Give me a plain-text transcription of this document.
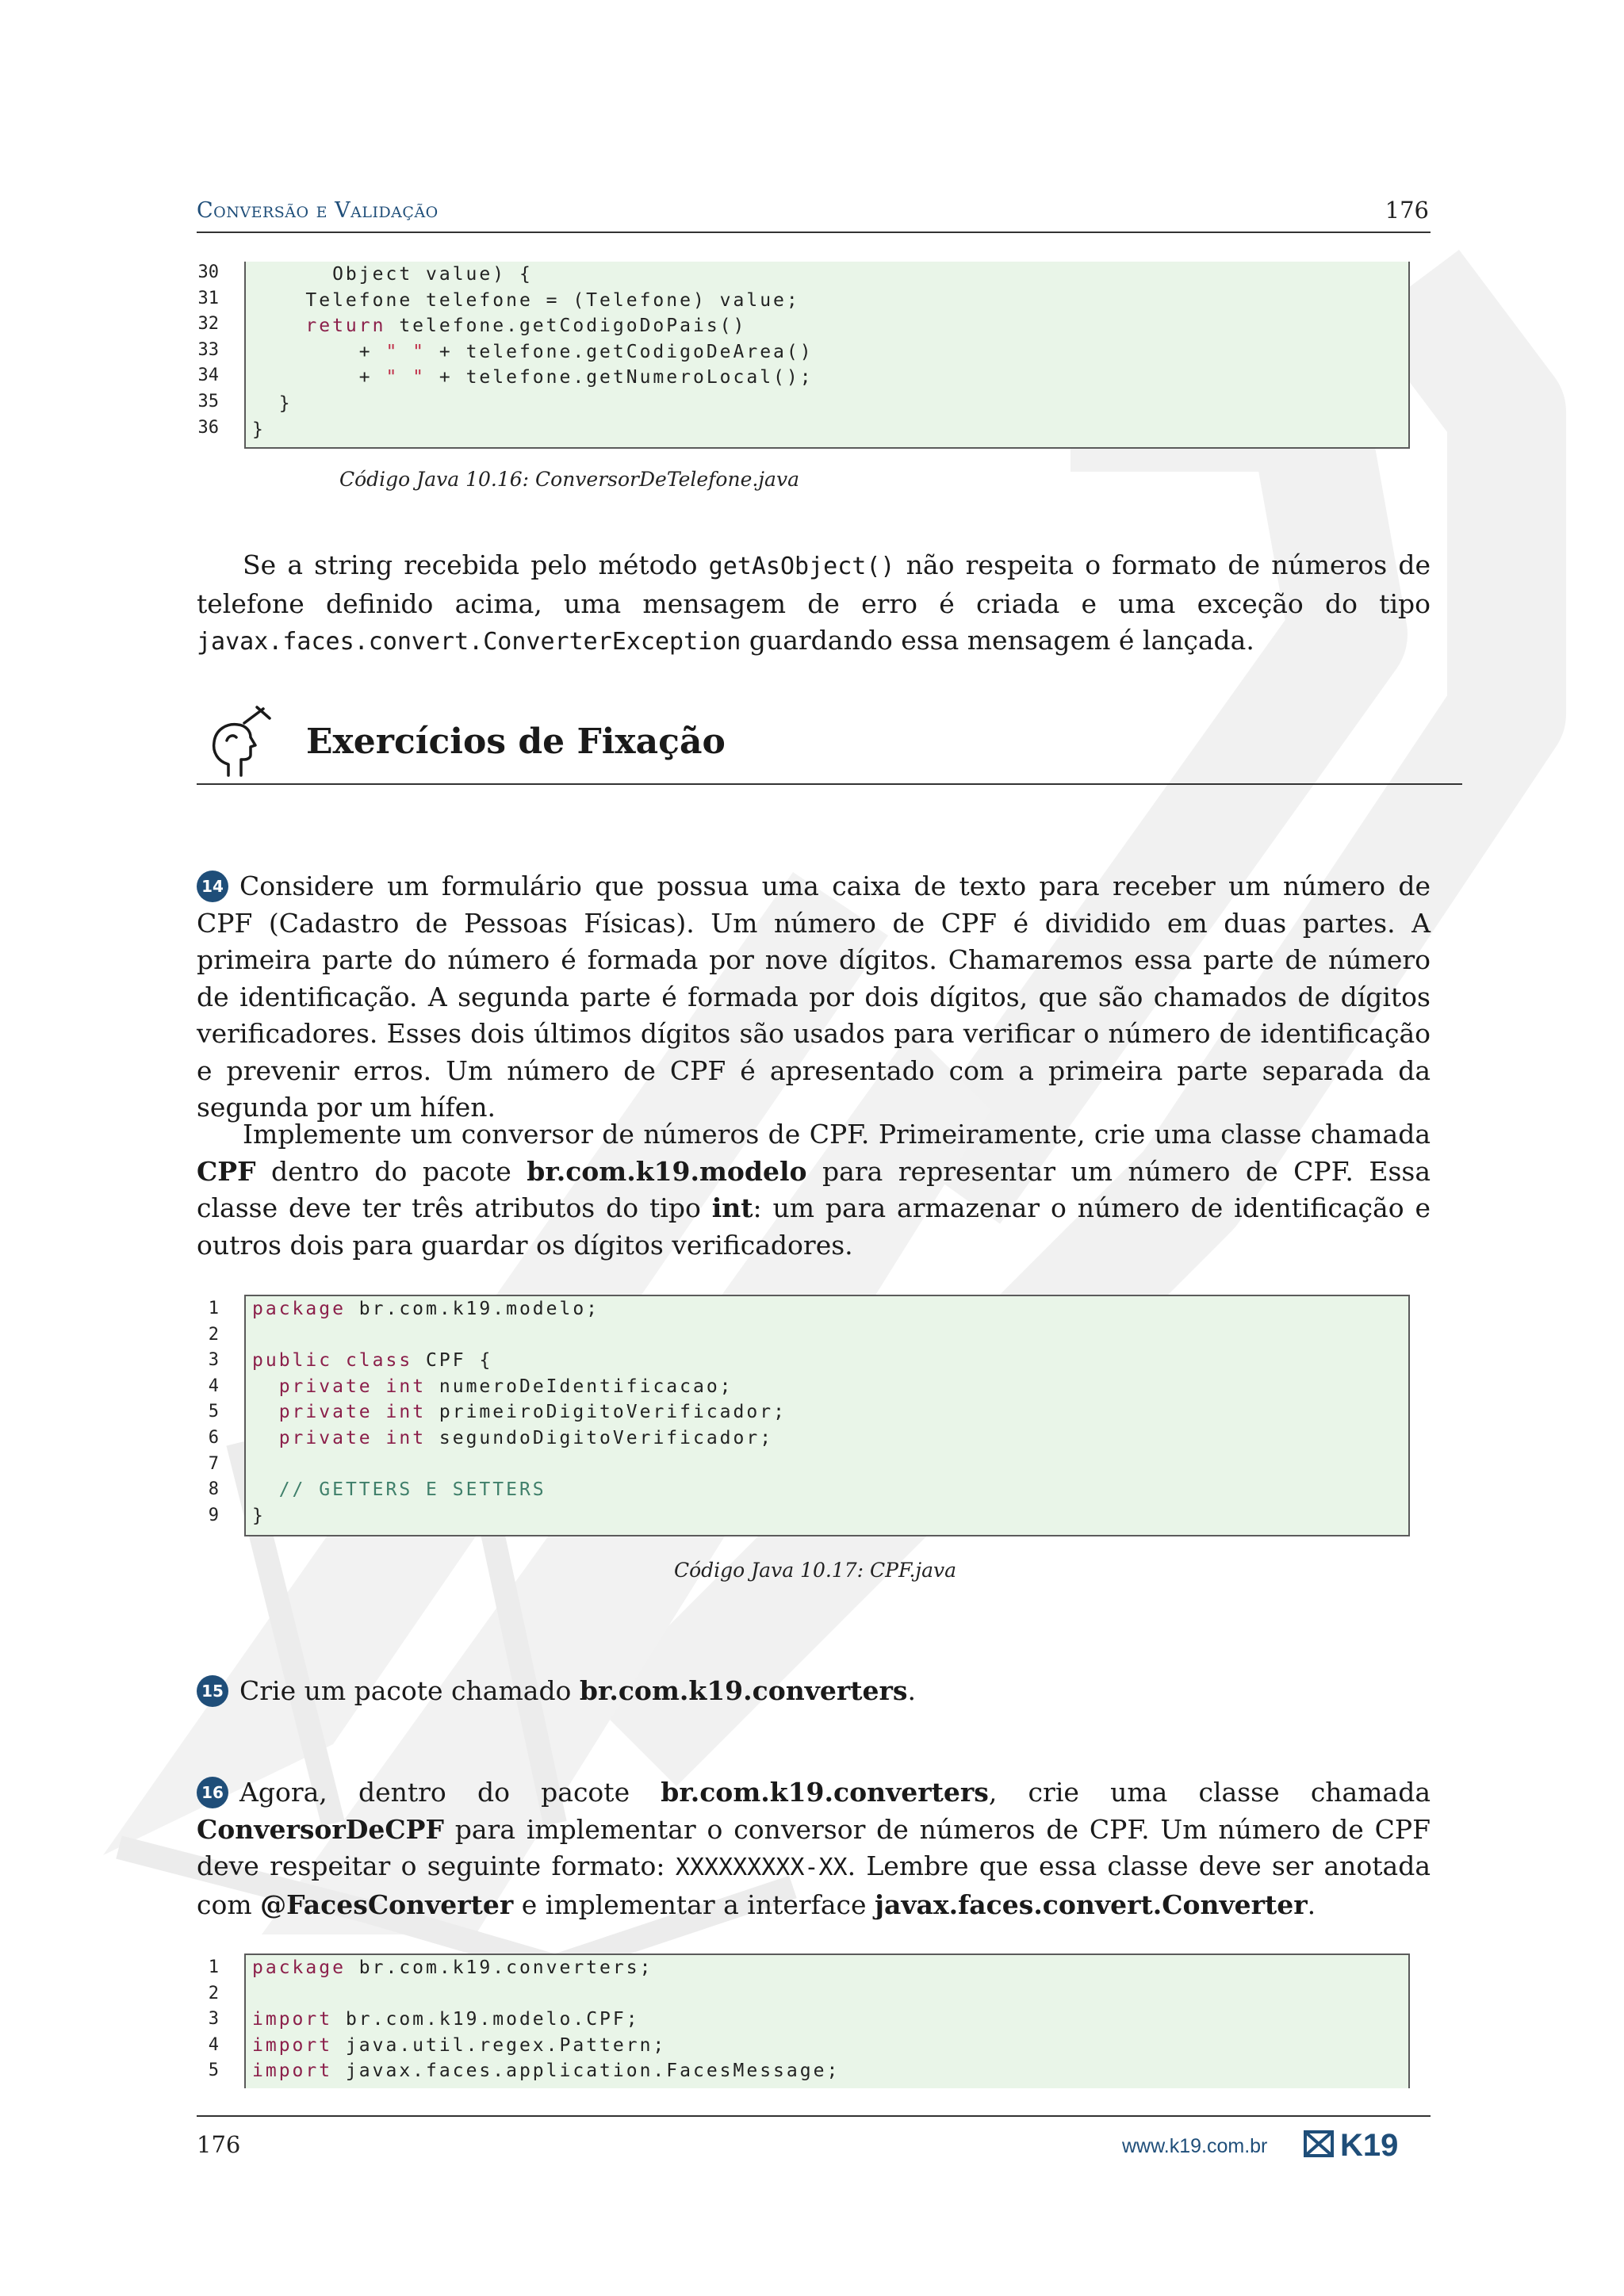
Conversão e Validação	176
30
31
32
33
34
35
36
Object value) {
Telefone telefone = (Telefone) value;
return telefone.getCodigoDoPais()
+ " " + telefone.getCodigoDeArea()
+ " " + telefone.getNumeroLocal();
}
}
Código Java 10.16: ConversorDeTelefone.java
Se a string recebida pelo método getAsObject() não respeita o formato de números de telefone definido acima, uma mensagem de erro é criada e uma exceção do tipo javax.faces.convert.ConverterException guardando essa mensagem é lançada.
Exercícios de Fixação
14 Considere um formulário que possua uma caixa de texto para receber um número de CPF (Cadastro de Pessoas Físicas). Um número de CPF é dividido em duas partes. A primeira parte do número é formada por nove dígitos. Chamaremos essa parte de número de identificação. A segunda parte é formada por dois dígitos, que são chamados de dígitos verificadores. Esses dois últimos dígitos são usados para verificar o número de identificação e prevenir erros. Um número de CPF é apresentado com a primeira parte separada da segunda por um hífen.
Implemente um conversor de números de CPF. Primeiramente, crie uma classe chamada CPF dentro do pacote br.com.k19.modelo para representar um número de CPF. Essa classe deve ter três atributos do tipo int: um para armazenar o número de identificação e outros dois para guardar os dígitos verificadores.
1
2
3
4
5
6
7
8
9
package br.com.k19.modelo;
public class CPF {
private int numeroDeIdentificacao;
private int primeiroDigitoVerificador;
private int segundoDigitoVerificador;
// GETTERS E SETTERS
}
Código Java 10.17: CPF.java
15 Crie um pacote chamado br.com.k19.converters.
16 Agora, dentro do pacote br.com.k19.converters, crie uma classe chamada ConversorDeCPF para implementar o conversor de números de CPF. Um número de CPF deve respeitar o seguinte formato: XXXXXXXXX-XX. Lembre que essa classe deve ser anotada com @FacesConverter e implementar a interface javax.faces.convert.Converter.
1
2
3
4
5
package br.com.k19.converters;
import br.com.k19.modelo.CPF;
import java.util.regex.Pattern;
import javax.faces.application.FacesMessage;
176	www.k19.com.br K19
